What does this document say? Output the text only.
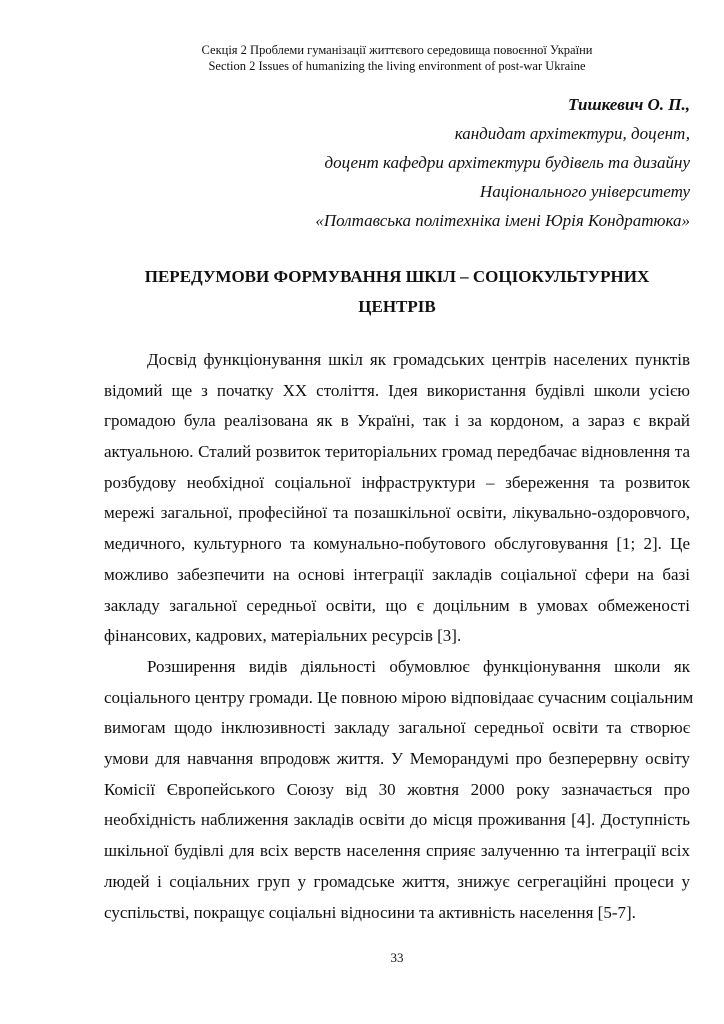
Секція 2 Проблеми гуманізації життєвого середовища повоєнної України
Section 2 Issues of humanizing the living environment of post-war Ukraine
Тишкевич О. П.,
кандидат архітектури, доцент,
доцент кафедри архітектури будівель та дизайну
Національного університету
«Полтавська політехніка імені Юрія Кондратюка»
ПЕРЕДУМОВИ ФОРМУВАННЯ ШКІЛ – СОЦІОКУЛЬТУРНИХ
ЦЕНТРІВ
Досвід функціонування шкіл як громадських центрів населених пунктів
відомий ще з початку XX століття. Ідея використання будівлі школи усією
громадою була реалізована як в Україні, так і за кордоном, а зараз є вкрай
актуальною. Сталий розвиток територіальних громад передбачає відновлення та
розбудову необхідної соціальної інфраструктури – збереження та розвиток
мережі загальної, професійної та позашкільної освіти, лікувально-оздоровчого,
медичного, культурного та комунально-побутового обслуговування [1; 2]. Це
можливо забезпечити на основі інтеграції закладів соціальної сфери на базі
закладу загальної середньої освіти, що є доцільним в умовах обмеженості
фінансових, кадрових, матеріальних ресурсів [3].
Розширення видів діяльності обумовлює функціонування школи як
соціального центру громади. Це повною мірою відповідаає сучасним соціальним
вимогам щодо інклюзивності закладу загальної середньої освіти та створює
умови для навчання впродовж життя. У Меморандумі про безперервну освіту
Комісії Європейського Союзу від 30 жовтня 2000 року зазначається про
необхідність наближення закладів освіти до місця проживання [4]. Доступність
шкільної будівлі для всіх верств населення сприяє залученню та інтеграції всіх
людей і соціальних груп у громадське життя, знижує сегрегаційні процеси у
суспільстві, покращує соціальні відносини та активність населення [5-7].
33
